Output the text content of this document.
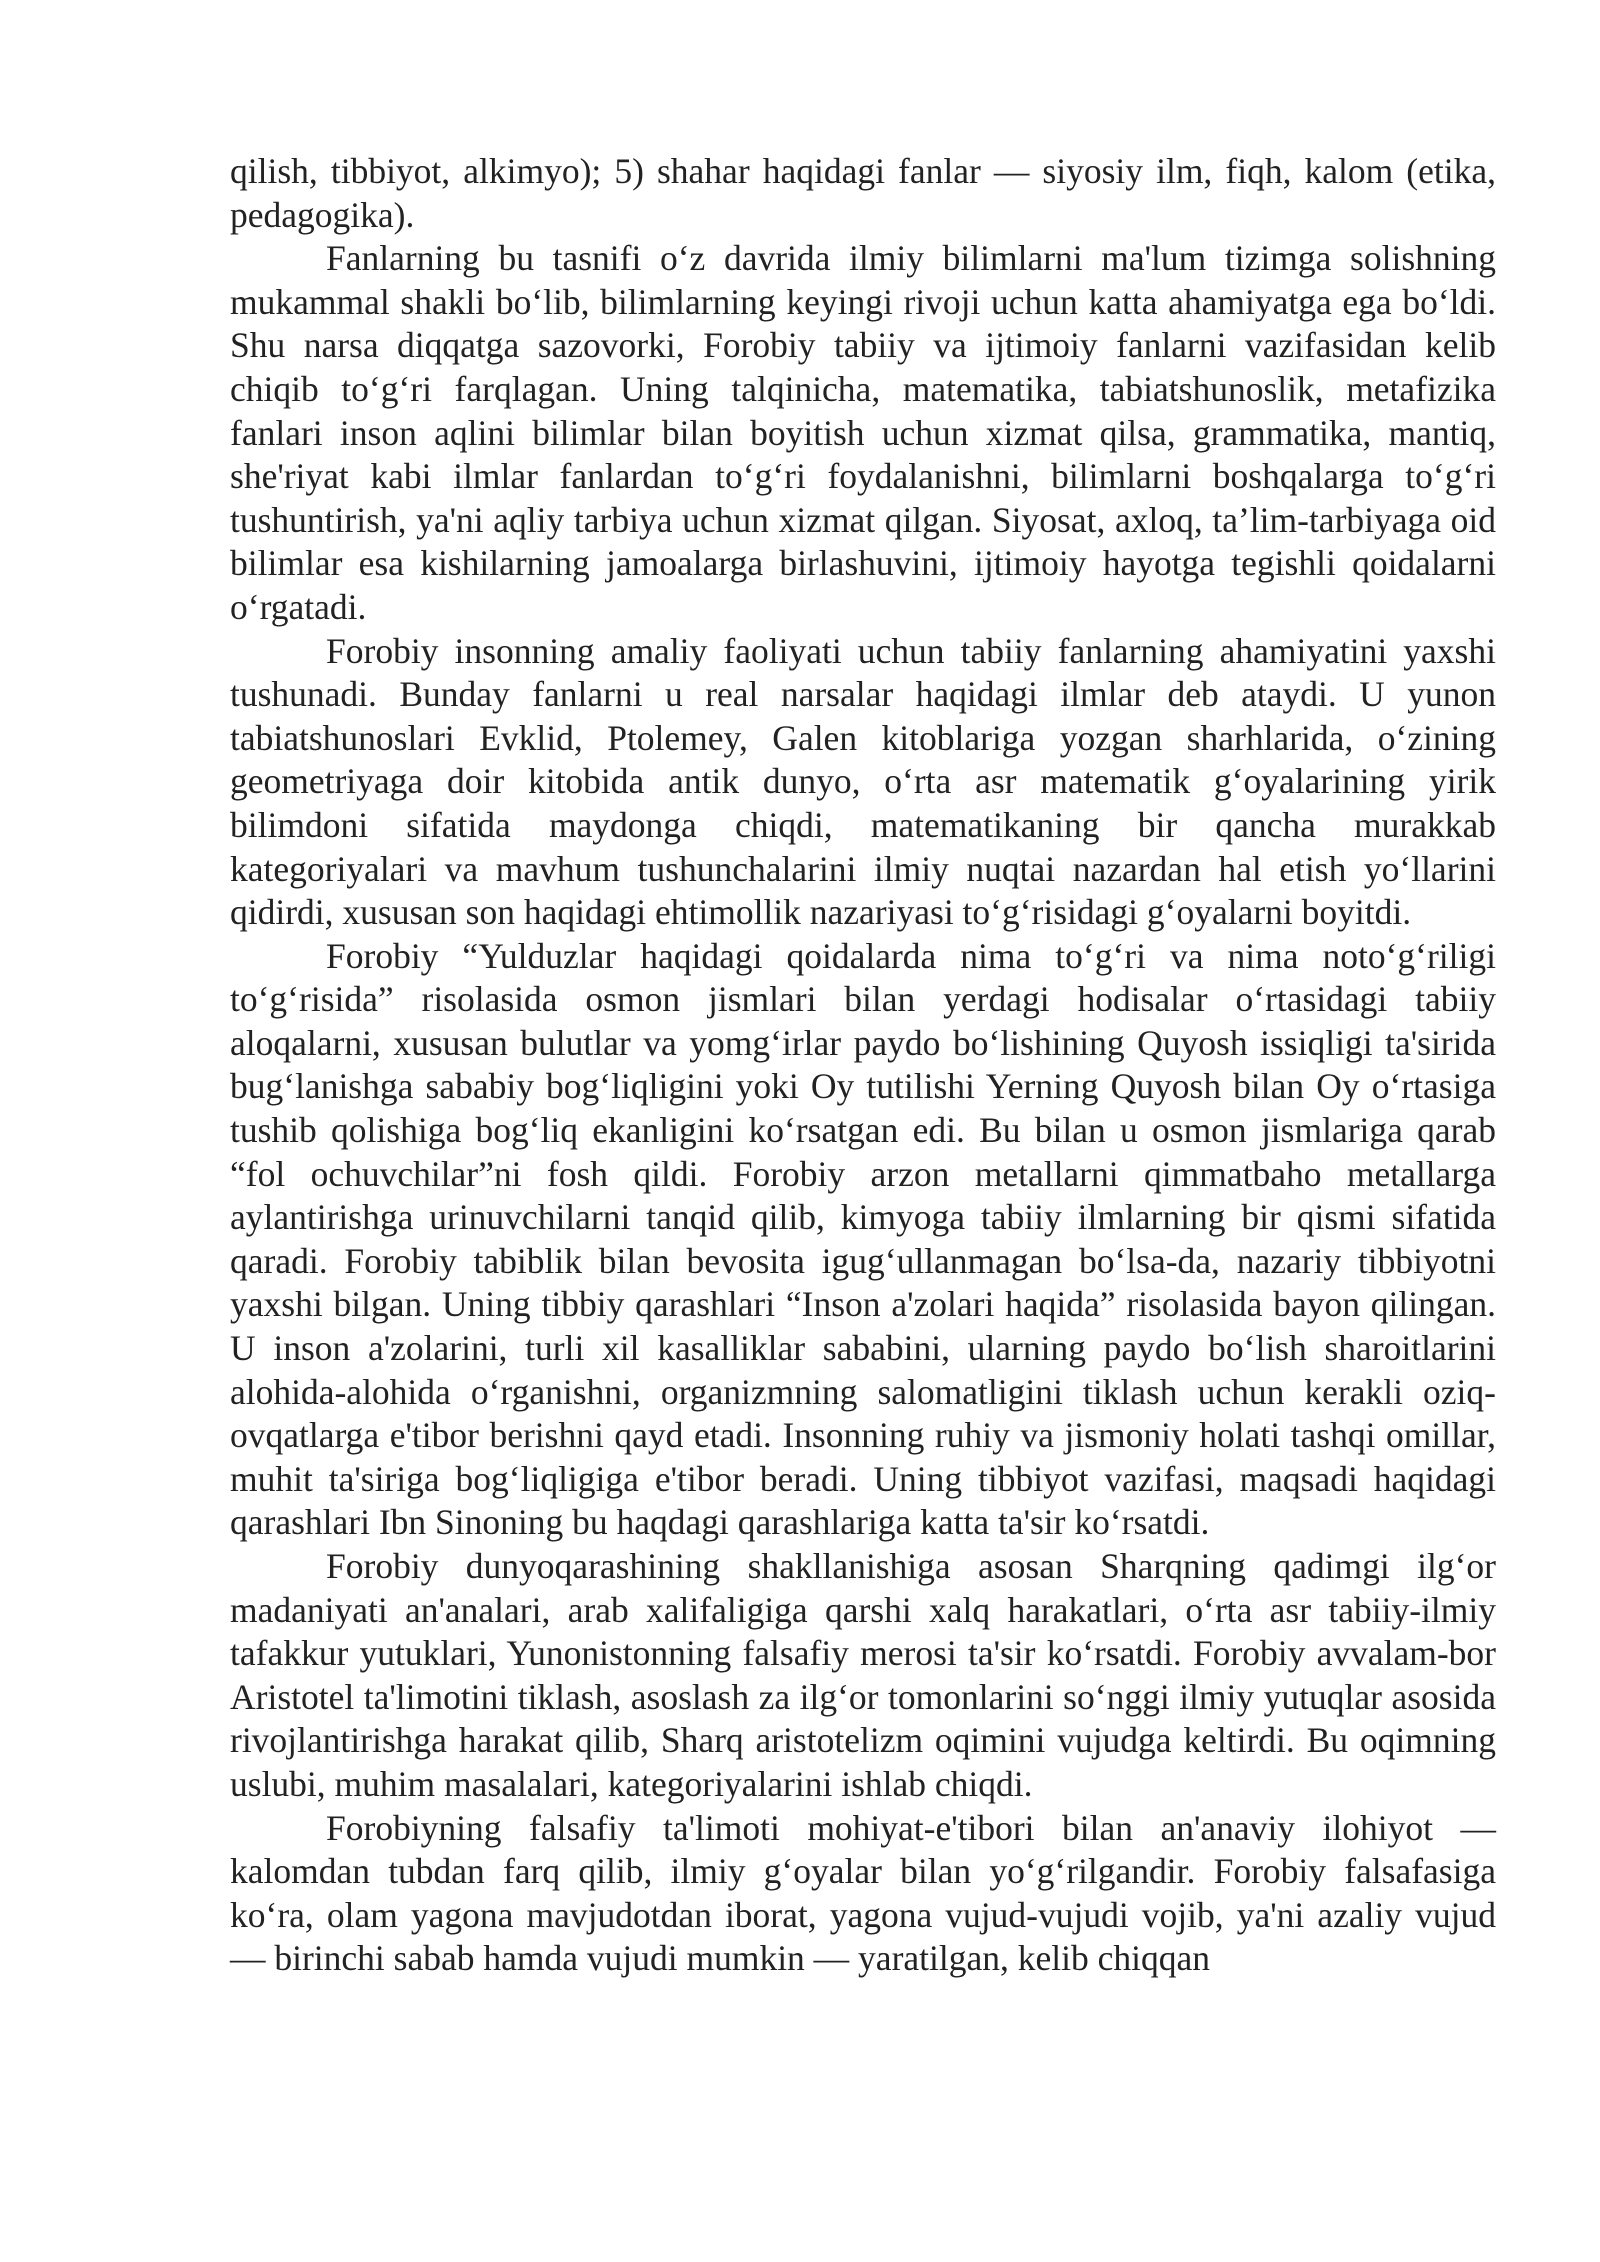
qilish, tibbiyot, alkimyo); 5) shahar haqidagi fanlar — siyosiy ilm, fiqh, kalom (etika, pedagogika).

Fanlarning bu tasnifi o‘z davrida ilmiy bilimlarni ma'lum tizimga solishning mukammal shakli bo‘lib, bilimlarning keyingi rivoji uchun katta ahamiyatga ega bo‘ldi. Shu narsa diqqatga sazovorki, Forobiy tabiiy va ijtimoiy fanlarni vazifasidan kelib chiqib to‘g‘ri farqlagan. Uning talqinicha, matematika, tabiatshunoslik, metafizika fanlari inson aqlini bilimlar bilan boyitish uchun xizmat qilsa, grammatika, mantiq, she'riyat kabi ilmlar fanlardan to‘g‘ri foydalanishni, bilimlarni boshqalarga to‘g‘ri tushuntirish, ya'ni aqliy tarbiya uchun xizmat qilgan. Siyosat, axloq, ta’lim-tarbiyaga oid bilimlar esa kishilarning jamoalarga birlashuvini, ijtimoiy hayotga tegishli qoidalarni o‘rgatadi.

Forobiy insonning amaliy faoliyati uchun tabiiy fanlarning ahamiyatini yaxshi tushunadi. Bunday fanlarni u real narsalar haqidagi ilmlar deb ataydi. U yunon tabiatshunoslari Evklid, Ptolemey, Galen kitoblariga yozgan sharhlarida, o‘zining geometriyaga doir kitobida antik dunyo, o‘rta asr matematik g‘oyalarining yirik bilimdoni sifatida maydonga chiqdi, matematikaning bir qancha murakkab kategoriyalari va mavhum tushunchalarini ilmiy nuqtai nazardan hal etish yo‘llarini qidirdi, xususan son haqidagi ehtimollik nazariyasi to‘g‘risidagi g‘oyalarni boyitdi.

Forobiy “Yulduzlar haqidagi qoidalarda nima to‘g‘ri va nima noto‘g‘riligi to‘g‘risida” risolasida osmon jismlari bilan yerdagi hodisalar o‘rtasidagi tabiiy aloqalarni, xususan bulutlar va yomg‘irlar paydo bo‘lishining Quyosh issiqligi ta'sirida bug‘lanishga sababiy bog‘liqligini yoki Oy tutilishi Yerning Quyosh bilan Oy o‘rtasiga tushib qolishiga bog‘liq ekanligini ko‘rsatgan edi. Bu bilan u osmon jismlariga qarab “fol ochuvchilar”ni fosh qildi. Forobiy arzon metallarni qimmatbaho metallarga aylantirishga urinuvchilarni tanqid qilib, kimyoga tabiiy ilmlarning bir qismi sifatida qaradi. Forobiy tabiblik bilan bevosita igug‘ullanmagan bo‘lsa-da, nazariy tibbiyotni yaxshi bilgan. Uning tibbiy qarashlari “Inson a'zolari haqida” risolasida bayon qilingan. U inson a'zolarini, turli xil kasalliklar sababini, ularning paydo bo‘lish sharoitlarini alohida-alohida o‘rganishni, organizmning salomatligini tiklash uchun kerakli oziq-ovqatlarga e'tibor berishni qayd etadi. Insonning ruhiy va jismoniy holati tashqi omillar, muhit ta'siriga bog‘liqligiga e'tibor beradi. Uning tibbiyot vazifasi, maqsadi haqidagi qarashlari Ibn Sinoning bu haqdagi qarashlariga katta ta'sir ko‘rsatdi.

Forobiy dunyoqarashining shakllanishiga asosan Sharqning qadimgi ilg‘or madaniyati an'analari, arab xalifaligiga qarshi xalq harakatlari, o‘rta asr tabiiy-ilmiy tafakkur yutuklari, Yunonistonning falsafiy merosi ta'sir ko‘rsatdi. Forobiy avvalam-bor Aristotel ta'limotini tiklash, asoslash za ilg‘or tomonlarini so‘nggi ilmiy yutuqlar asosida rivojlantirishga harakat qilib, Sharq aristotelizm oqimini vujudga keltirdi. Bu oqimning uslubi, muhim masalalari, kategoriyalarini ishlab chiqdi.

Forobiyning falsafiy ta'limoti mohiyat-e'tibori bilan an'anaviy ilohiyot — kalomdan tubdan farq qilib, ilmiy g‘oyalar bilan yo‘g‘rilgandir. Forobiy falsafasiga ko‘ra, olam yagona mavjudotdan iborat, yagona vujud-vujudi vojib, ya'ni azaliy vujud — birinchi sabab hamda vujudi mumkin — yaratilgan, kelib chiqqan
